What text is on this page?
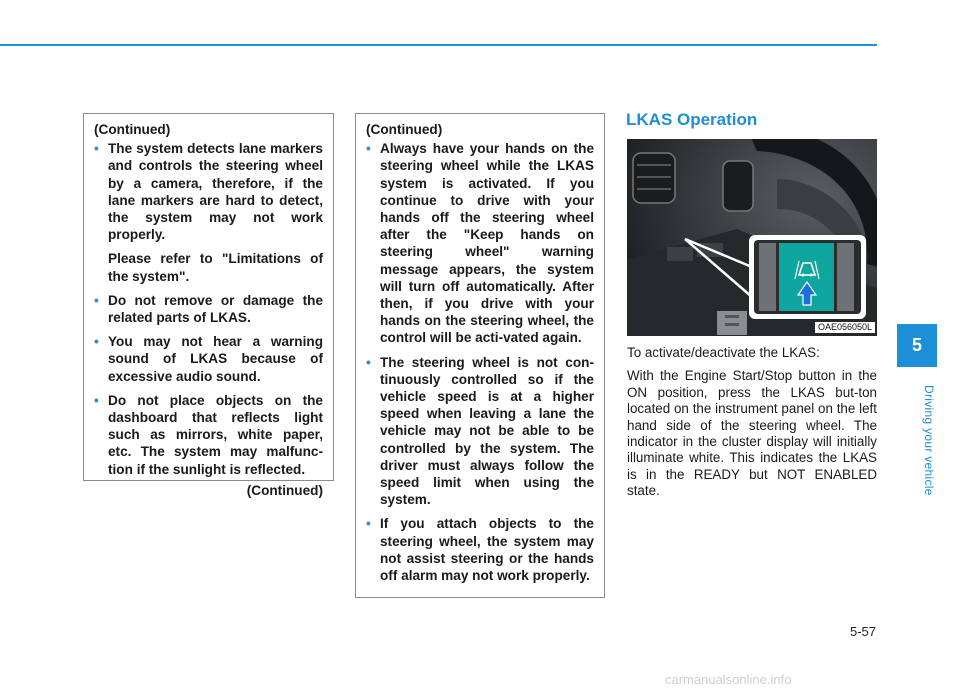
(Continued)
• The system detects lane markers and controls the steering wheel by a camera, therefore, if the lane markers are hard to detect, the system may not work properly.

Please refer to "Limitations of the system".

• Do not remove or damage the related parts of LKAS.
• You may not hear a warning sound of LKAS because of excessive audio sound.
• Do not place objects on the dashboard that reflects light such as mirrors, white paper, etc. The system may malfunc-tion if the sunlight is reflected.
(Continued)
(Continued)
• Always have your hands on the steering wheel while the LKAS system is activated. If you continue to drive with your hands off the steering wheel after the "Keep hands on steering wheel" warning message appears, the system will turn off automatically. After then, if you drive with your hands on the steering wheel, the control will be acti-vated again.
• The steering wheel is not con-tinuously controlled so if the vehicle speed is at a higher speed when leaving a lane the vehicle may not be able to be controlled by the system. The driver must always follow the speed limit when using the system.
• If you attach objects to the steering wheel, the system may not assist steering or the hands off alarm may not work properly.
LKAS Operation
OAE056050L

To activate/deactivate the LKAS:

With the Engine Start/Stop button in the ON position, press the LKAS but-ton located on the instrument panel on the left hand side of the steering wheel. The indicator in the cluster display will initially illuminate white. This indicates the LKAS is in the READY but NOT ENABLED state.

5
Driving your vehicle
5-57
carmanualsonline.info
